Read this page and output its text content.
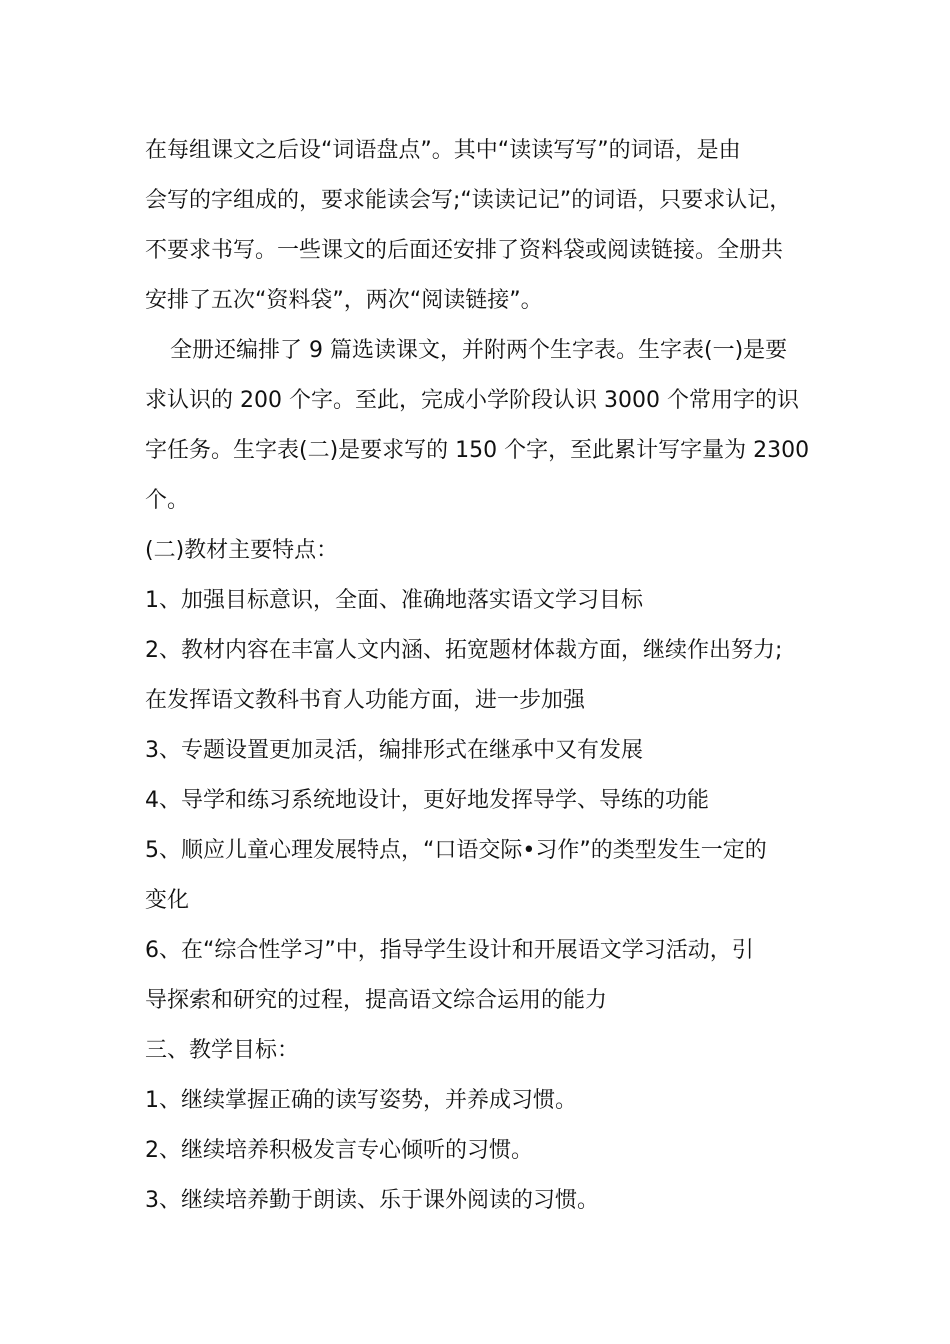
在每组课文之后设“词语盘点”。其中“读读写写”的词语，是由
会写的字组成的，要求能读会写;“读读记记”的词语，只要求认记，
不要求书写。一些课文的后面还安排了资料袋或阅读链接。全册共
安排了五次“资料袋”，两次“阅读链接”。
全册还编排了 9 篇选读课文，并附两个生字表。生字表(一)是要
求认识的 200 个字。至此，完成小学阶段认识 3000 个常用字的识
字任务。生字表(二)是要求写的 150 个字，至此累计写字量为 2300
个。
(二)教材主要特点：
1、加强目标意识，全面、准确地落实语文学习目标
2、教材内容在丰富人文内涵、拓宽题材体裁方面，继续作出努力;
在发挥语文教科书育人功能方面，进一步加强
3、专题设置更加灵活，编排形式在继承中又有发展
4、导学和练习系统地设计，更好地发挥导学、导练的功能
5、顺应儿童心理发展特点，“口语交际•习作”的类型发生一定的
变化
6、在“综合性学习”中，指导学生设计和开展语文学习活动，引
导探索和研究的过程，提高语文综合运用的能力
三、教学目标：
1、继续掌握正确的读写姿势，并养成习惯。
2、继续培养积极发言专心倾听的习惯。
3、继续培养勤于朗读、乐于课外阅读的习惯。
